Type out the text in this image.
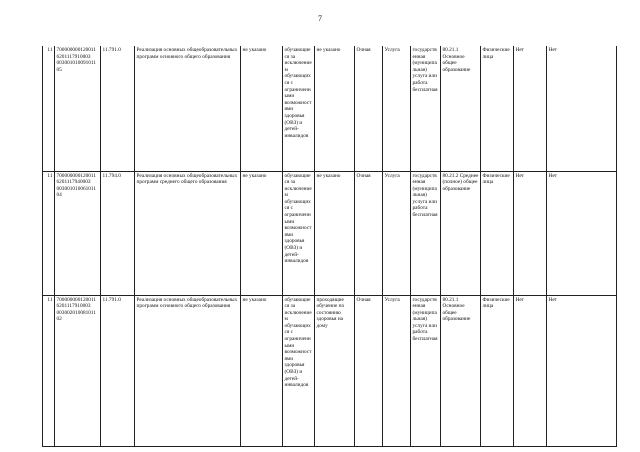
7
11	700000000120011
620111791000З
003001010091011
05	11.791.0	Реализация основных общеобразовательных программ основного общего образования	не указано	обучающиеся за исключением обучающихся с ограниченными возможностями здоровья (ОВЗ) и детей-инвалидов	не указано	Очная	Услуга	государственная (муниципальная) услуга или работа бесплатная	80.21.1 Основное общее образование	Физические лица	Нет	Нет
11	700000000120011
620111794000З
003001010061011
04	11.794.0	Реализация основных общеобразовательных программ среднего общего образования	не указано	обучающиеся за исключением обучающихся с ограниченными возможностями здоровья (ОВЗ) и детей-инвалидов	не указано	Очная	Услуга	государственная (муниципальная) услуга или работа бесплатная	80.21.2 Среднее (полное) общее образование	Физические лица	Нет	Нет
11	700000000120011
620111791000З
003002010081011
02	11.791.0	Реализация основных общеобразовательных программ основного общего образования	не указано	обучающиеся за исключением обучающихся с ограниченными возможностями здоровья (ОВЗ) и детей-инвалидов	проходящие обучение по состоянию здоровья на дому	Очная	Услуга	государственная (муниципальная) услуга или работа бесплатная	80.21.1 Основное общее образование	Физические лица	Нет	Нет
